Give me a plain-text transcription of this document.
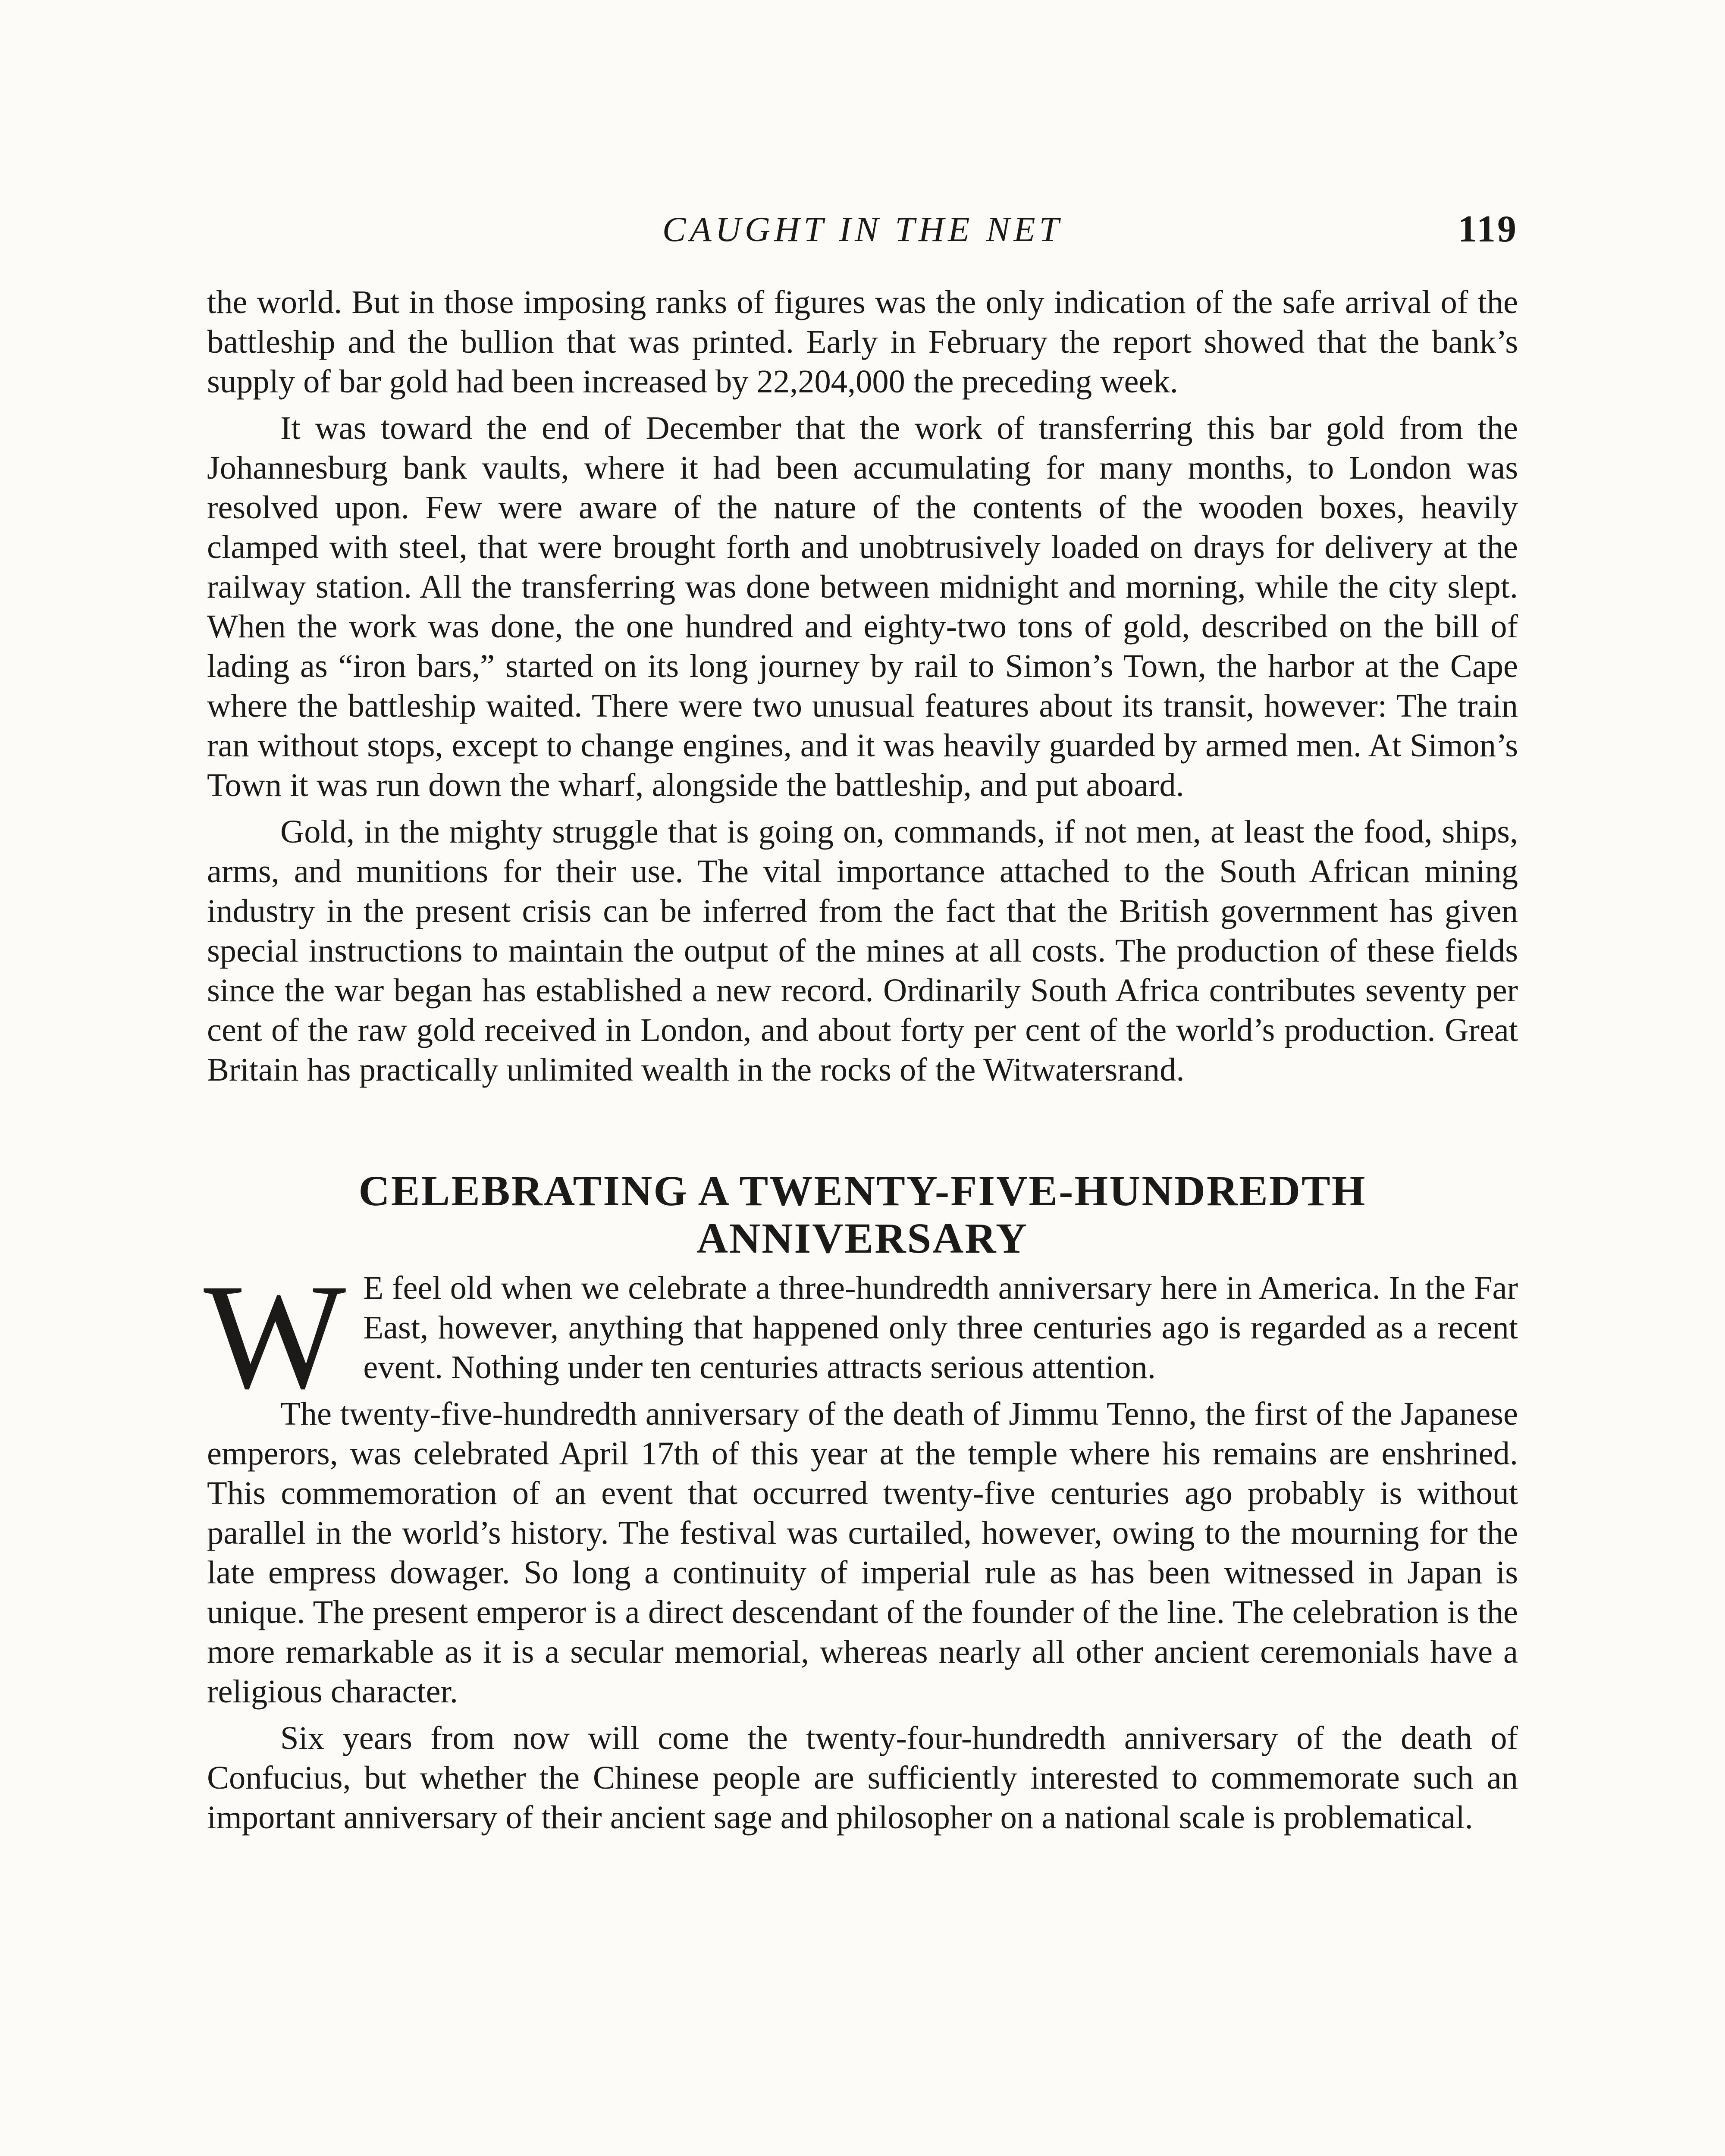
CAUGHT IN THE NET	119

the world. But in those imposing ranks of figures was the only indication of the safe arrival of the battleship and the bullion that was printed. Early in February the report showed that the bank’s supply of bar gold had been increased by 22,204,000 the preceding week.

It was toward the end of December that the work of transferring this bar gold from the Johannesburg bank vaults, where it had been accumulating for many months, to London was resolved upon. Few were aware of the nature of the contents of the wooden boxes, heavily clamped with steel, that were brought forth and unobtrusively loaded on drays for delivery at the railway station. All the transferring was done between midnight and morning, while the city slept. When the work was done, the one hundred and eighty-two tons of gold, described on the bill of lading as “iron bars,” started on its long journey by rail to Simon’s Town, the harbor at the Cape where the battleship waited. There were two unusual features about its transit, however: The train ran without stops, except to change engines, and it was heavily guarded by armed men. At Simon’s Town it was run down the wharf, alongside the battleship, and put aboard.

Gold, in the mighty struggle that is going on, commands, if not men, at least the food, ships, arms, and munitions for their use. The vital importance attached to the South African mining industry in the present crisis can be inferred from the fact that the British government has given special instructions to maintain the output of the mines at all costs. The production of these fields since the war began has established a new record. Ordinarily South Africa contributes seventy per cent of the raw gold received in London, and about forty per cent of the world’s production. Great Britain has practically unlimited wealth in the rocks of the Witwatersrand.

CELEBRATING A TWENTY-FIVE-HUNDREDTH
ANNIVERSARY

W E feel old when we celebrate a three-hundredth anniversary here in America. In the Far East, however, anything that happened only three centuries ago is regarded as a recent event. Nothing under ten centuries attracts serious attention.

The twenty-five-hundredth anniversary of the death of Jimmu Tenno, the first of the Japanese emperors, was celebrated April 17th of this year at the temple where his remains are enshrined. This commemoration of an event that occurred twenty-five centuries ago probably is without parallel in the world’s history. The festival was curtailed, however, owing to the mourning for the late empress dowager. So long a continuity of imperial rule as has been witnessed in Japan is unique. The present emperor is a direct descendant of the founder of the line. The celebration is the more remarkable as it is a secular memorial, whereas nearly all other ancient ceremonials have a religious character.

Six years from now will come the twenty-four-hundredth anniversary of the death of Confucius, but whether the Chinese people are sufficiently interested to commemorate such an important anniversary of their ancient sage and philosopher on a national scale is problematical.
